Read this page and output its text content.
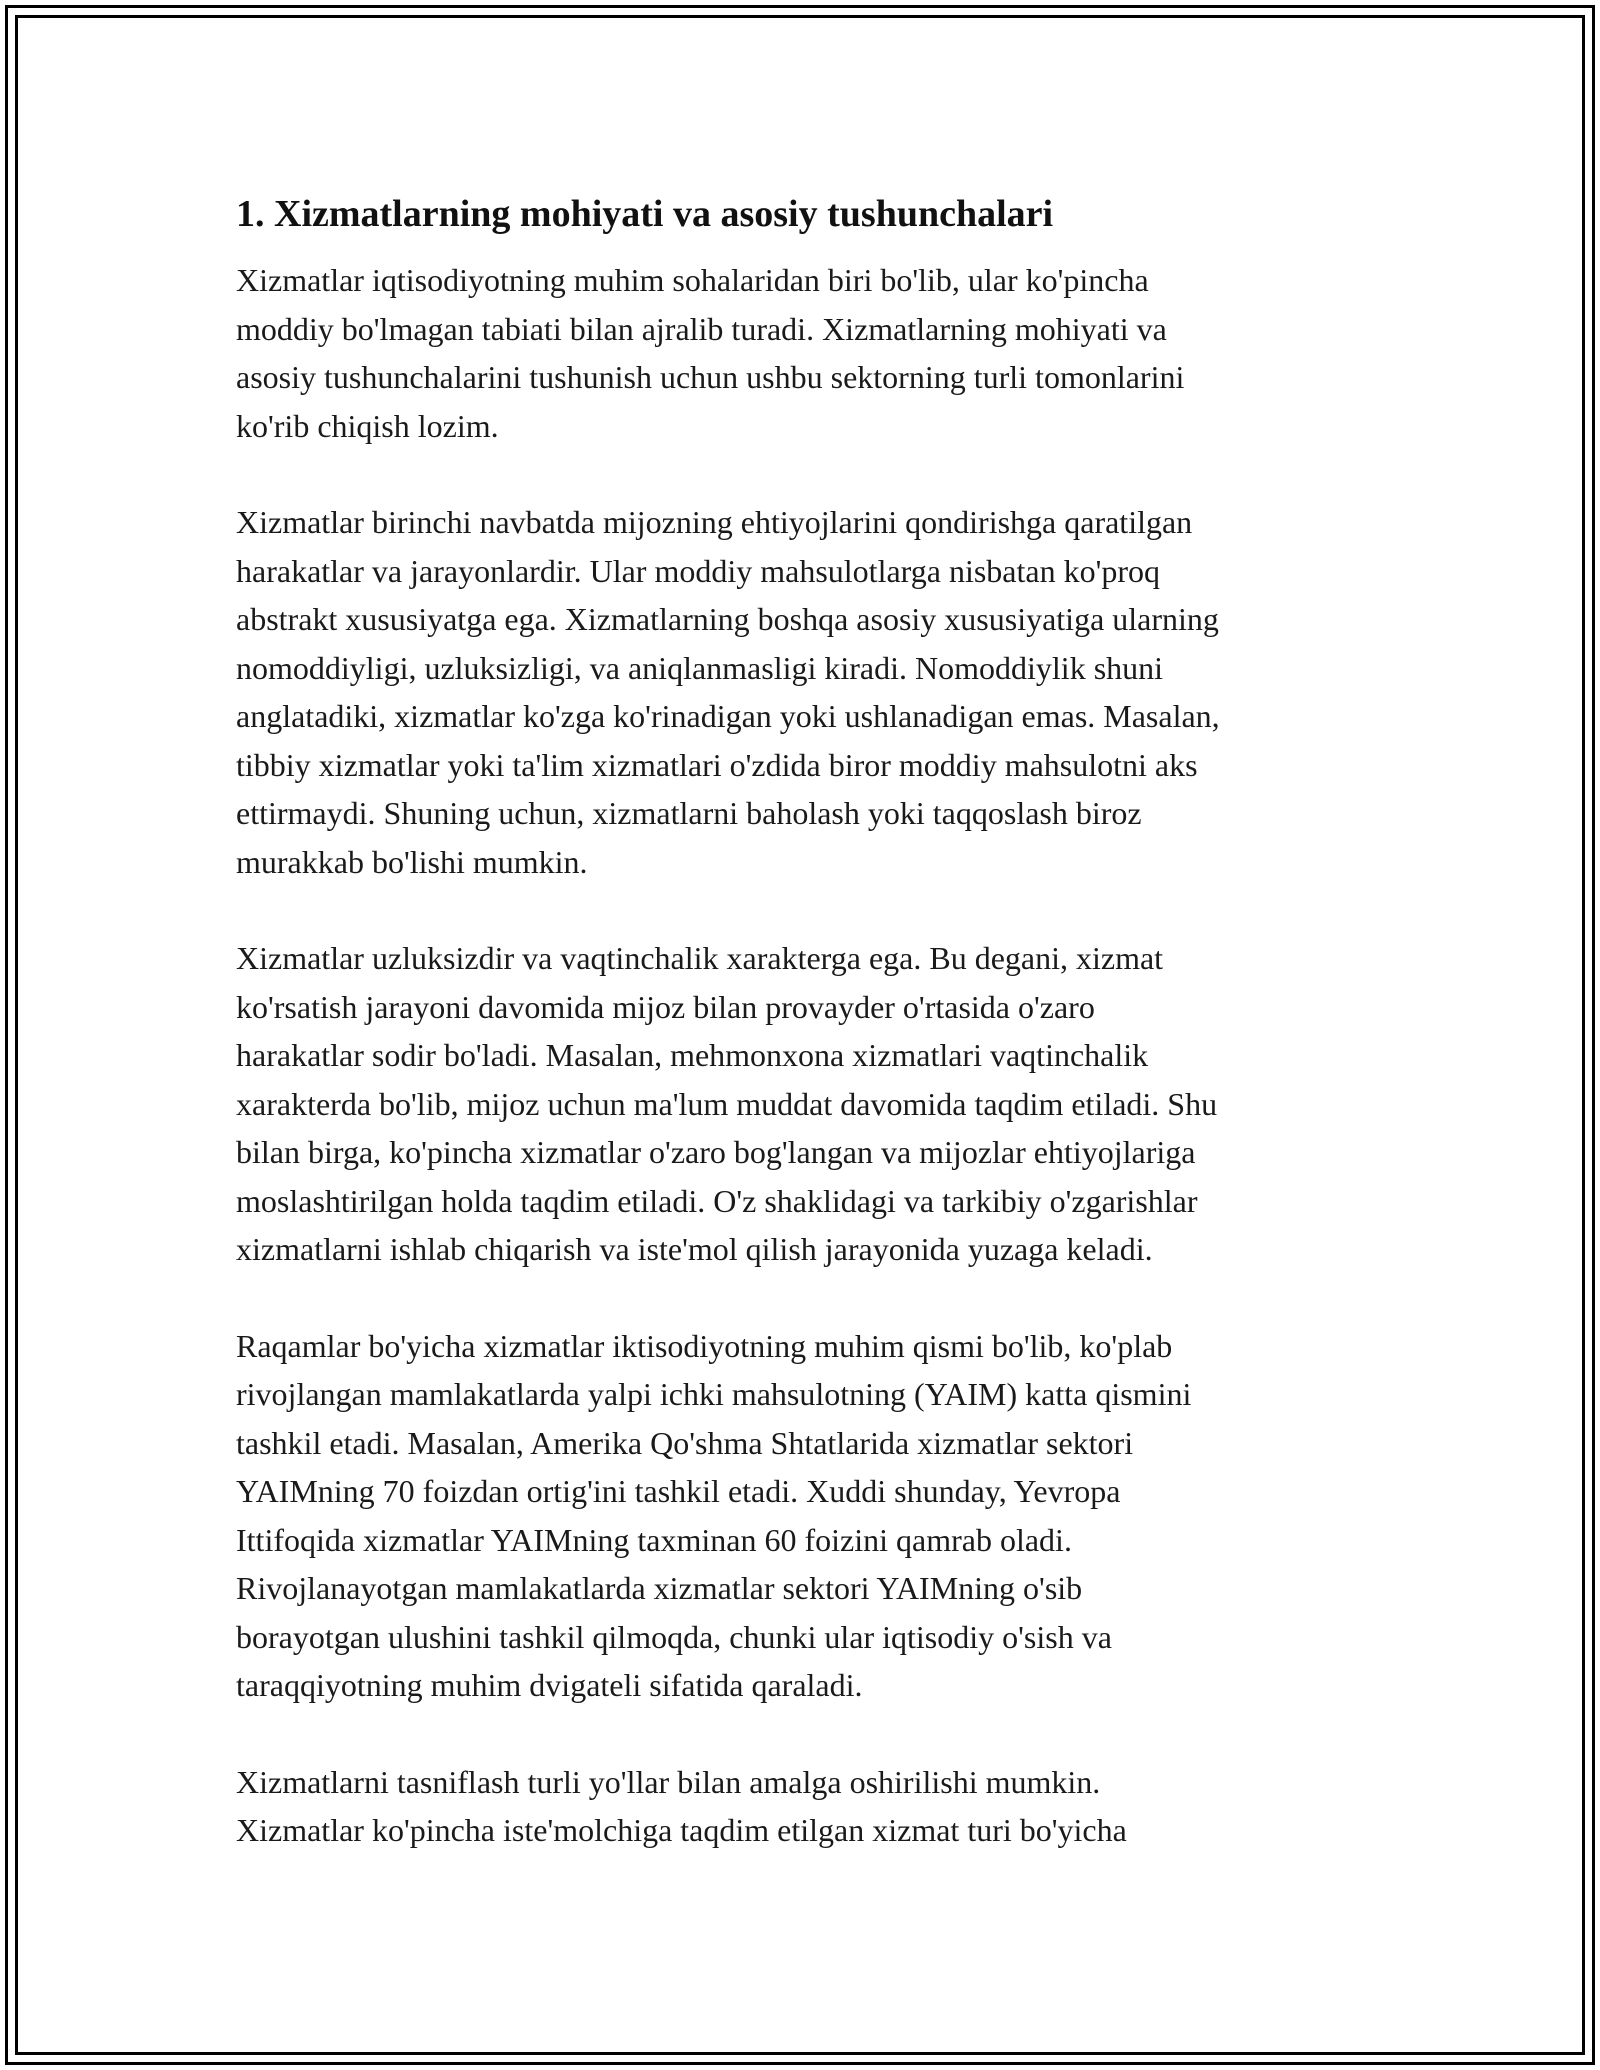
1. Xizmatlarning mohiyati va asosiy tushunchalari
Xizmatlar iqtisodiyotning muhim sohalaridan biri bo'lib, ular ko'pincha
moddiy bo'lmagan tabiati bilan ajralib turadi. Xizmatlarning mohiyati va
asosiy tushunchalarini tushunish uchun ushbu sektorning turli tomonlarini
ko'rib chiqish lozim.
Xizmatlar birinchi navbatda mijozning ehtiyojlarini qondirishga qaratilgan
harakatlar va jarayonlardir. Ular moddiy mahsulotlarga nisbatan ko'proq
abstrakt xususiyatga ega. Xizmatlarning boshqa asosiy xususiyatiga ularning
nomoddiyligi, uzluksizligi, va aniqlanmasligi kiradi. Nomoddiylik shuni
anglatadiki, xizmatlar ko'zga ko'rinadigan yoki ushlanadigan emas. Masalan,
tibbiy xizmatlar yoki ta'lim xizmatlari o'zdida biror moddiy mahsulotni aks
ettirmaydi. Shuning uchun, xizmatlarni baholash yoki taqqoslash biroz
murakkab bo'lishi mumkin.
Xizmatlar uzluksizdir va vaqtinchalik xarakterga ega. Bu degani, xizmat
ko'rsatish jarayoni davomida mijoz bilan provayder o'rtasida o'zaro
harakatlar sodir bo'ladi. Masalan, mehmonxona xizmatlari vaqtinchalik
xarakterda bo'lib, mijoz uchun ma'lum muddat davomida taqdim etiladi. Shu
bilan birga, ko'pincha xizmatlar o'zaro bog'langan va mijozlar ehtiyojlariga
moslashtirilgan holda taqdim etiladi. O'z shaklidagi va tarkibiy o'zgarishlar
xizmatlarni ishlab chiqarish va iste'mol qilish jarayonida yuzaga keladi.
Raqamlar bo'yicha xizmatlar iktisodiyotning muhim qismi bo'lib, ko'plab
rivojlangan mamlakatlarda yalpi ichki mahsulotning (YAIM) katta qismini
tashkil etadi. Masalan, Amerika Qo'shma Shtatlarida xizmatlar sektori
YAIMning 70 foizdan ortig'ini tashkil etadi. Xuddi shunday, Yevropa
Ittifoqida xizmatlar YAIMning taxminan 60 foizini qamrab oladi.
Rivojlanayotgan mamlakatlarda xizmatlar sektori YAIMning o'sib
borayotgan ulushini tashkil qilmoqda, chunki ular iqtisodiy o'sish va
taraqqiyotning muhim dvigateli sifatida qaraladi.
Xizmatlarni tasniflash turli yo'llar bilan amalga oshirilishi mumkin.
Xizmatlar ko'pincha iste'molchiga taqdim etilgan xizmat turi bo'yicha
